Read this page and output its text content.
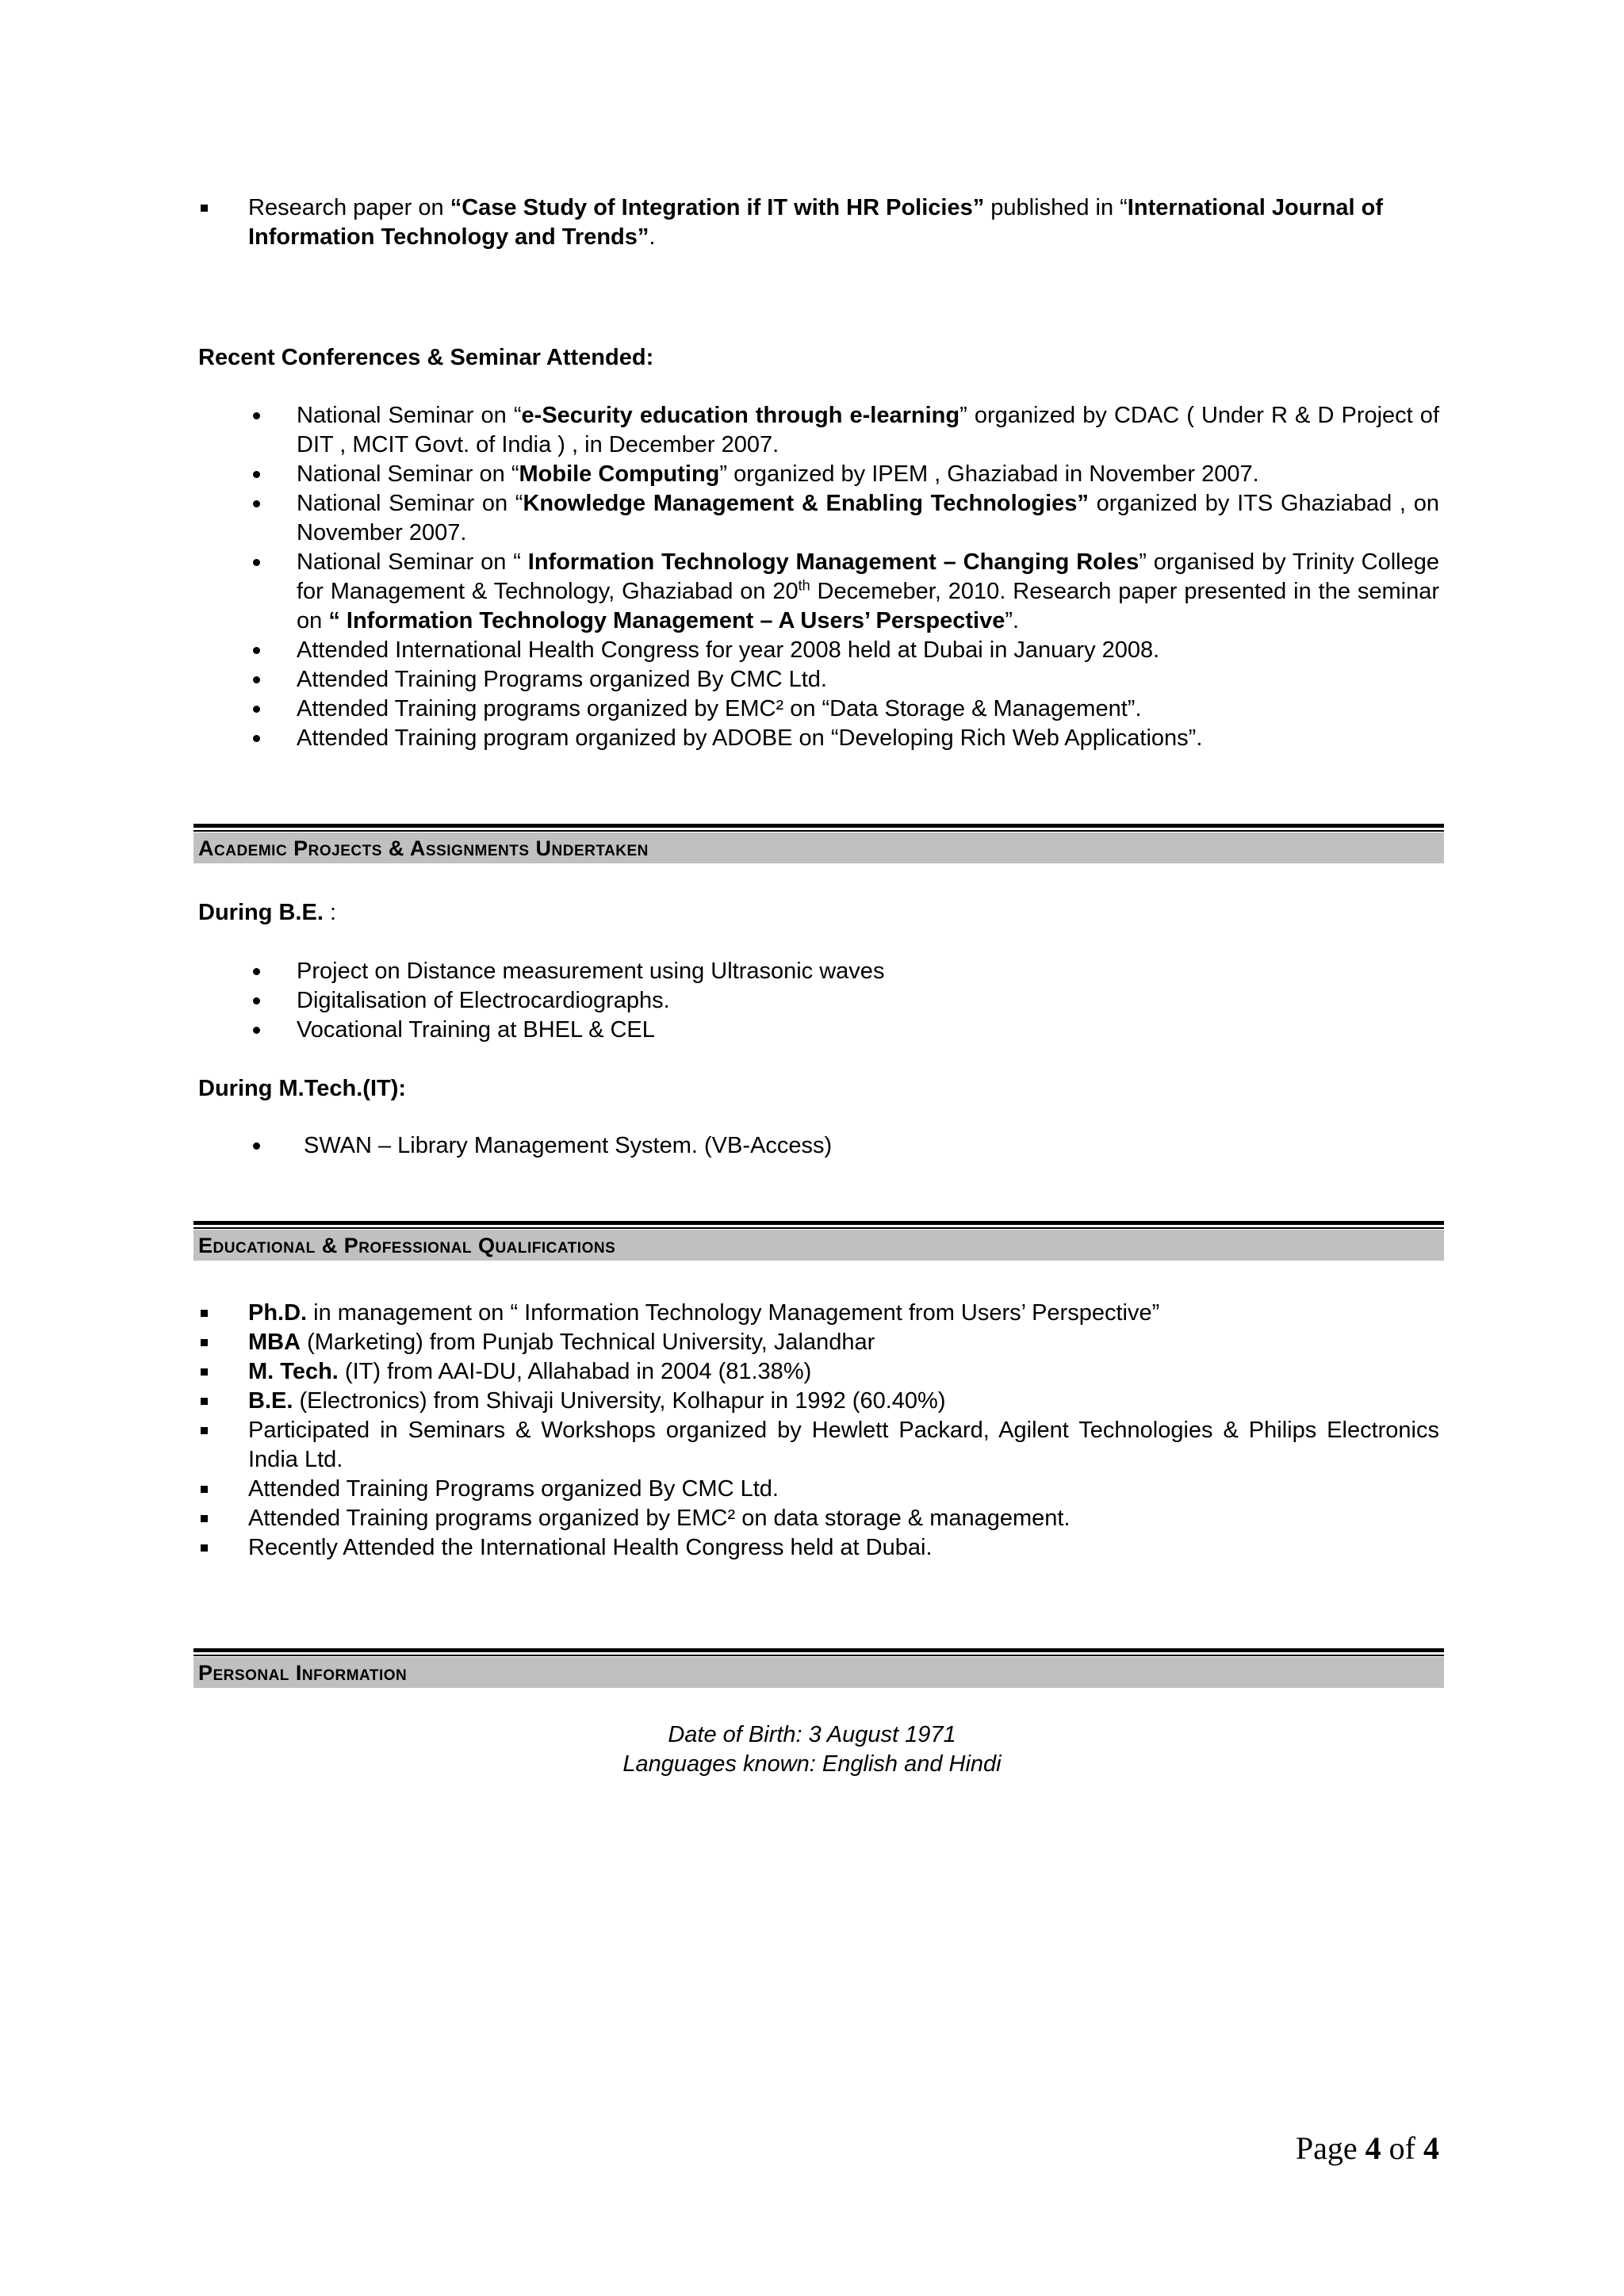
Research paper on “Case Study of Integration if IT with HR Policies” published in “International Journal of Information Technology and Trends”.
Recent Conferences & Seminar Attended:
National Seminar on “e-Security education through e-learning” organized by CDAC ( Under R & D Project of DIT , MCIT Govt. of India ) , in December 2007.
National Seminar on “Mobile Computing” organized by IPEM , Ghaziabad in November 2007.
National Seminar on “Knowledge Management & Enabling Technologies” organized by ITS Ghaziabad , on November 2007.
National Seminar on “ Information Technology Management – Changing Roles” organised by Trinity College for Management & Technology, Ghaziabad on 20th Decemeber, 2010. Research paper presented in the seminar on “ Information Technology Management – A Users’ Perspective”.
Attended International Health Congress for year 2008 held at Dubai in January 2008.
Attended Training Programs organized By CMC Ltd.
Attended Training programs organized by EMC² on “Data Storage & Management”.
Attended Training program organized by ADOBE on “Developing Rich Web Applications”.
Academic Projects & Assignments Undertaken
During B.E. :
Project on Distance measurement using Ultrasonic waves
Digitalisation of Electrocardiographs.
Vocational Training at BHEL & CEL
During M.Tech.(IT):
SWAN – Library Management System. (VB-Access)
Educational & Professional Qualifications
Ph.D. in management on “ Information Technology Management from Users’ Perspective”
MBA (Marketing) from Punjab Technical University, Jalandhar
M. Tech. (IT) from AAI-DU, Allahabad in 2004 (81.38%)
B.E. (Electronics) from Shivaji University, Kolhapur in 1992 (60.40%)
Participated in Seminars & Workshops organized by Hewlett Packard, Agilent Technologies & Philips Electronics India Ltd.
Attended Training Programs organized By CMC Ltd.
Attended Training programs organized by EMC² on data storage & management.
Recently Attended the International Health Congress held at Dubai.
Personal Information
Date of Birth: 3 August 1971
Languages known: English and Hindi
Page 4 of 4
